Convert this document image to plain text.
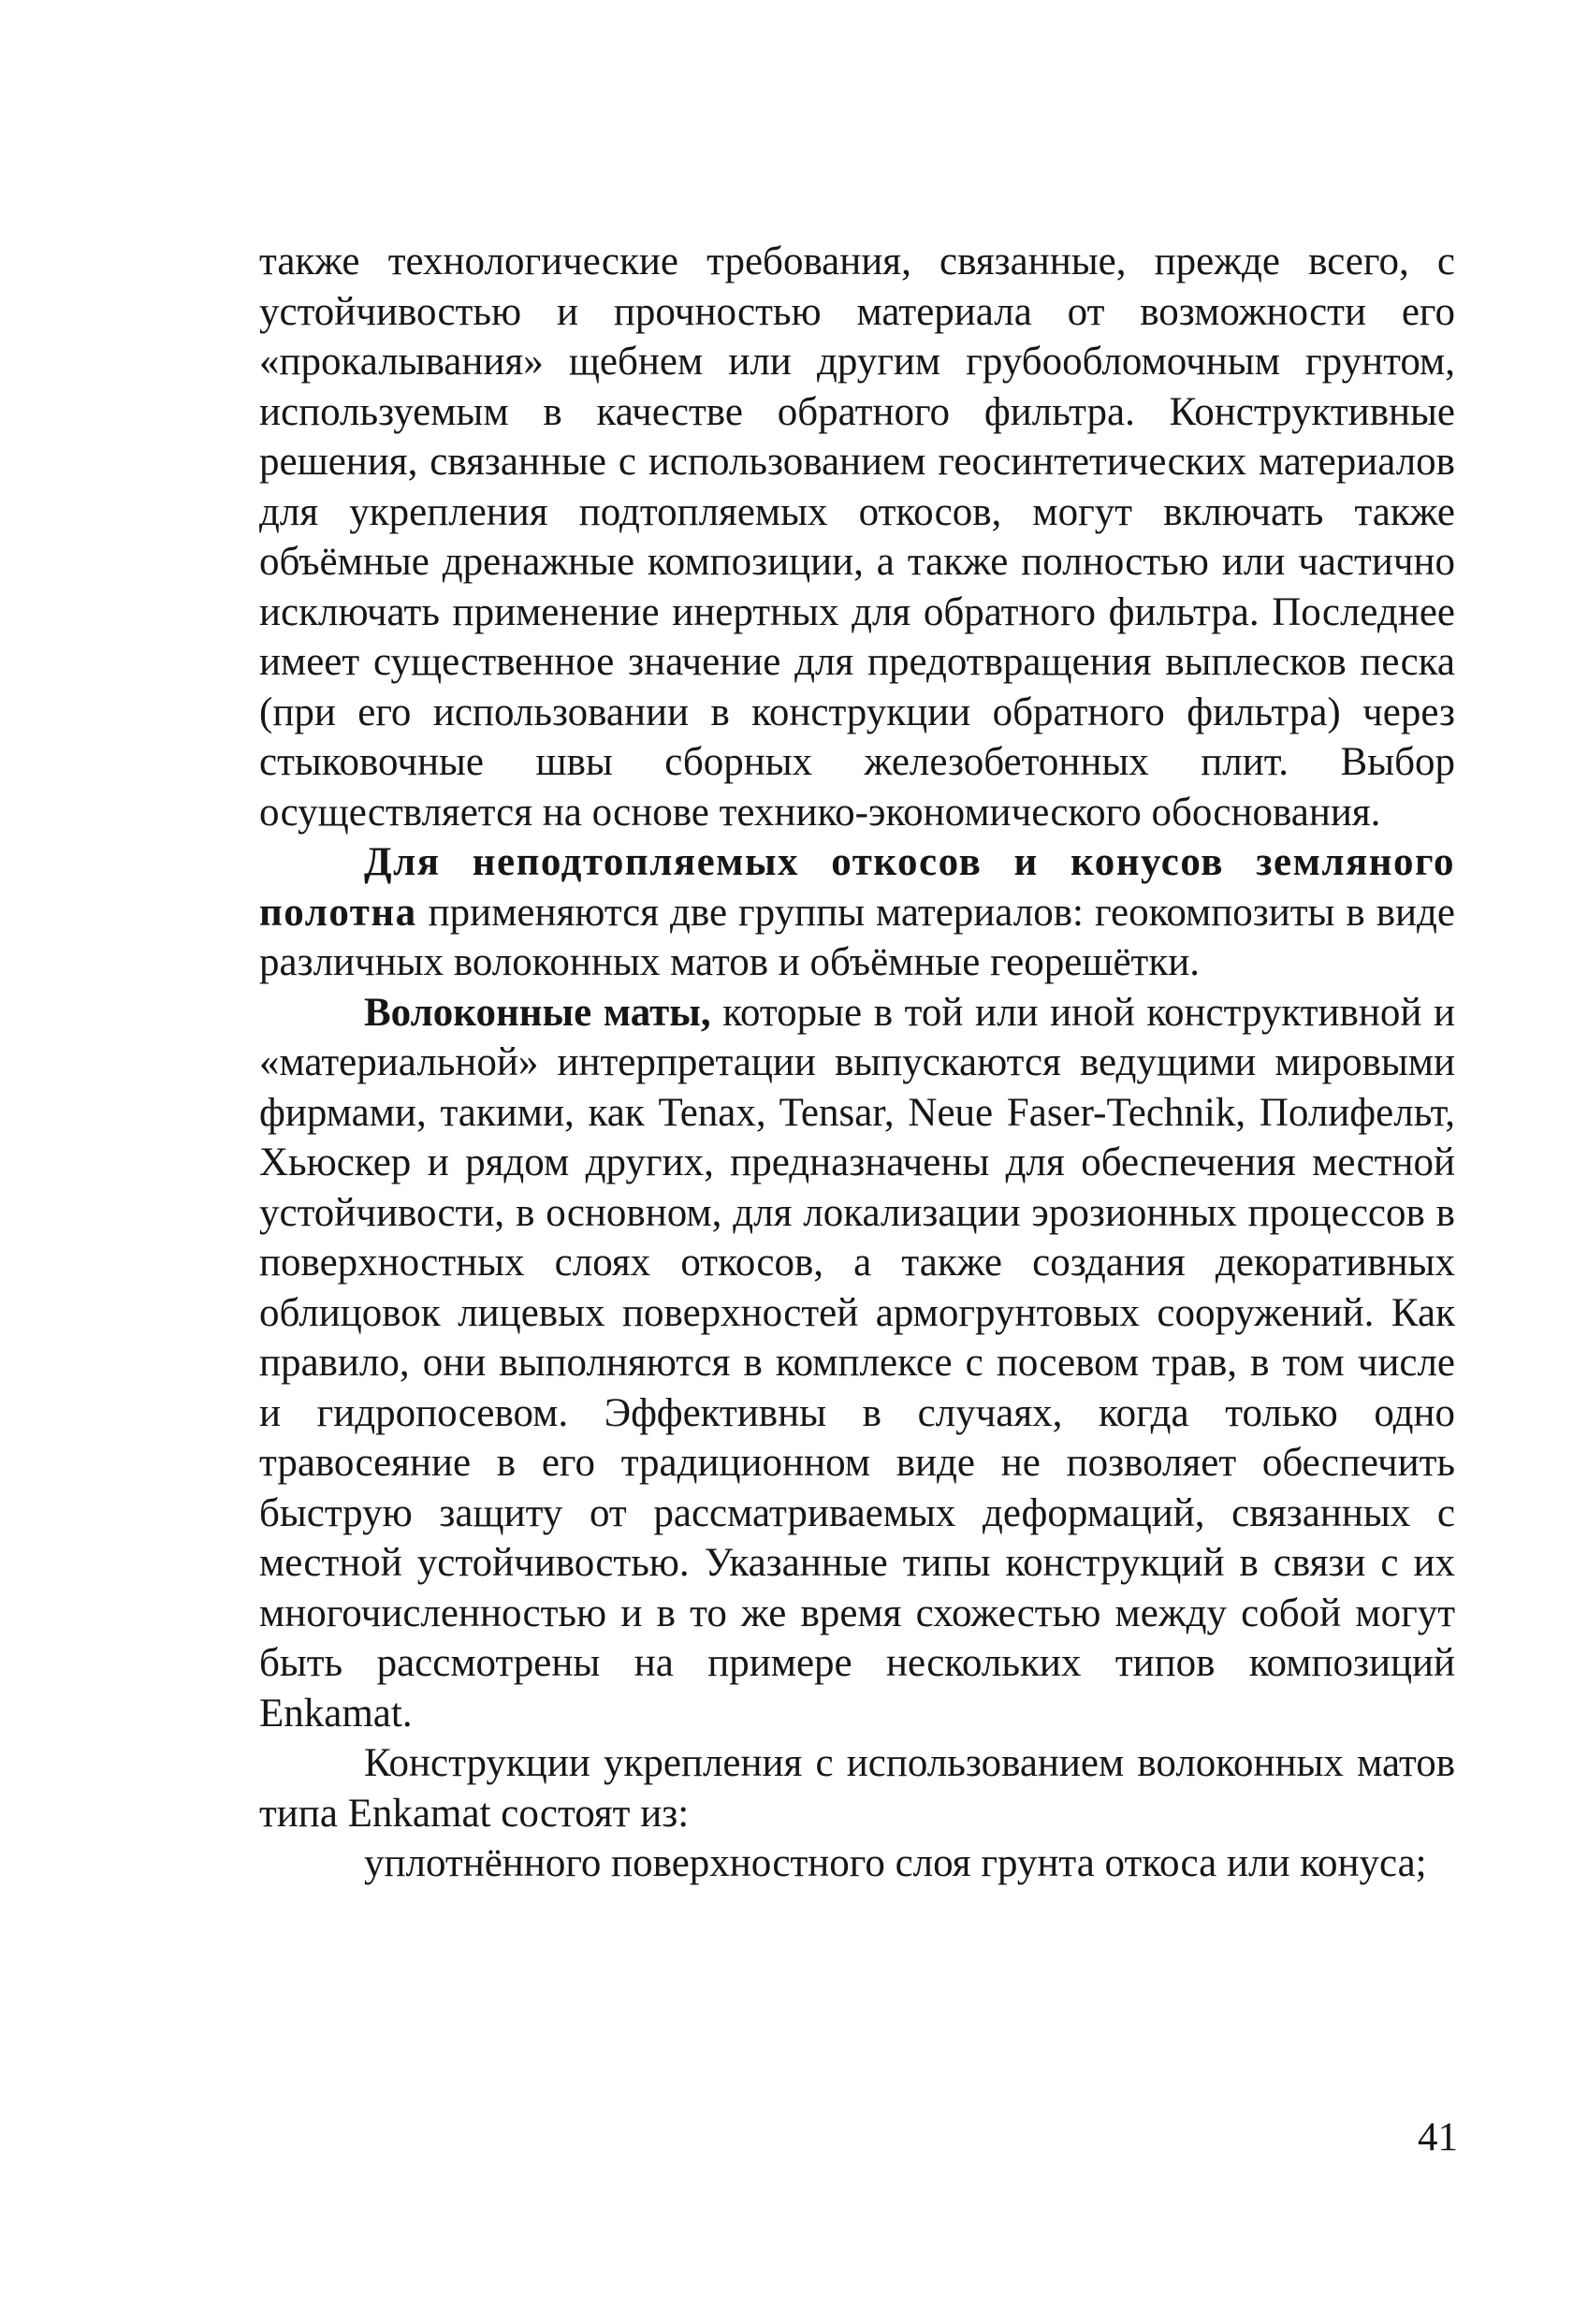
также технологические требования, связанные, прежде всего, с устойчивостью и прочностью материала от возможности его «прокалывания» щебнем или другим грубообломочным грунтом, используемым в качестве обратного фильтра. Конструктивные решения, связанные с использованием геосинтетических материалов для укрепления подтопляемых откосов, могут включать также объёмные дренажные композиции, а также полностью или частично исключать применение инертных для обратного фильтра. Последнее имеет существенное значение для предотвращения выплесков песка (при его использовании в конструкции обратного фильтра) через стыковочные швы сборных железобетонных плит. Выбор осуществляется на основе технико-экономического обоснования.

Для неподтопляемых откосов и конусов земляного полотна применяются две группы материалов: геокомпозиты в виде различных волоконных матов и объёмные георешётки.

Волоконные маты, которые в той или иной конструктивной и «материальной» интерпретации выпускаются ведущими мировыми фирмами, такими, как Tenax, Tensar, Neue Faser-Technik, Полифельт, Хьюскер и рядом других, предназначены для обеспечения местной устойчивости, в основном, для локализации эрозионных процессов в поверхностных слоях откосов, а также создания декоративных облицовок лицевых поверхностей армогрунтовых сооружений. Как правило, они выполняются в комплексе с посевом трав, в том числе и гидропосевом. Эффективны в случаях, когда только одно травосеяние в его традиционном виде не позволяет обеспечить быструю защиту от рассматриваемых деформаций, связанных с местной устойчивостью. Указанные типы конструкций в связи с их многочисленностью и в то же время схожестью между собой могут быть рассмотрены на примере нескольких типов композиций Enkamat.

Конструкции укрепления с использованием волоконных матов типа Enkamat состоят из:

уплотнённого поверхностного слоя грунта откоса или конуса;

41
